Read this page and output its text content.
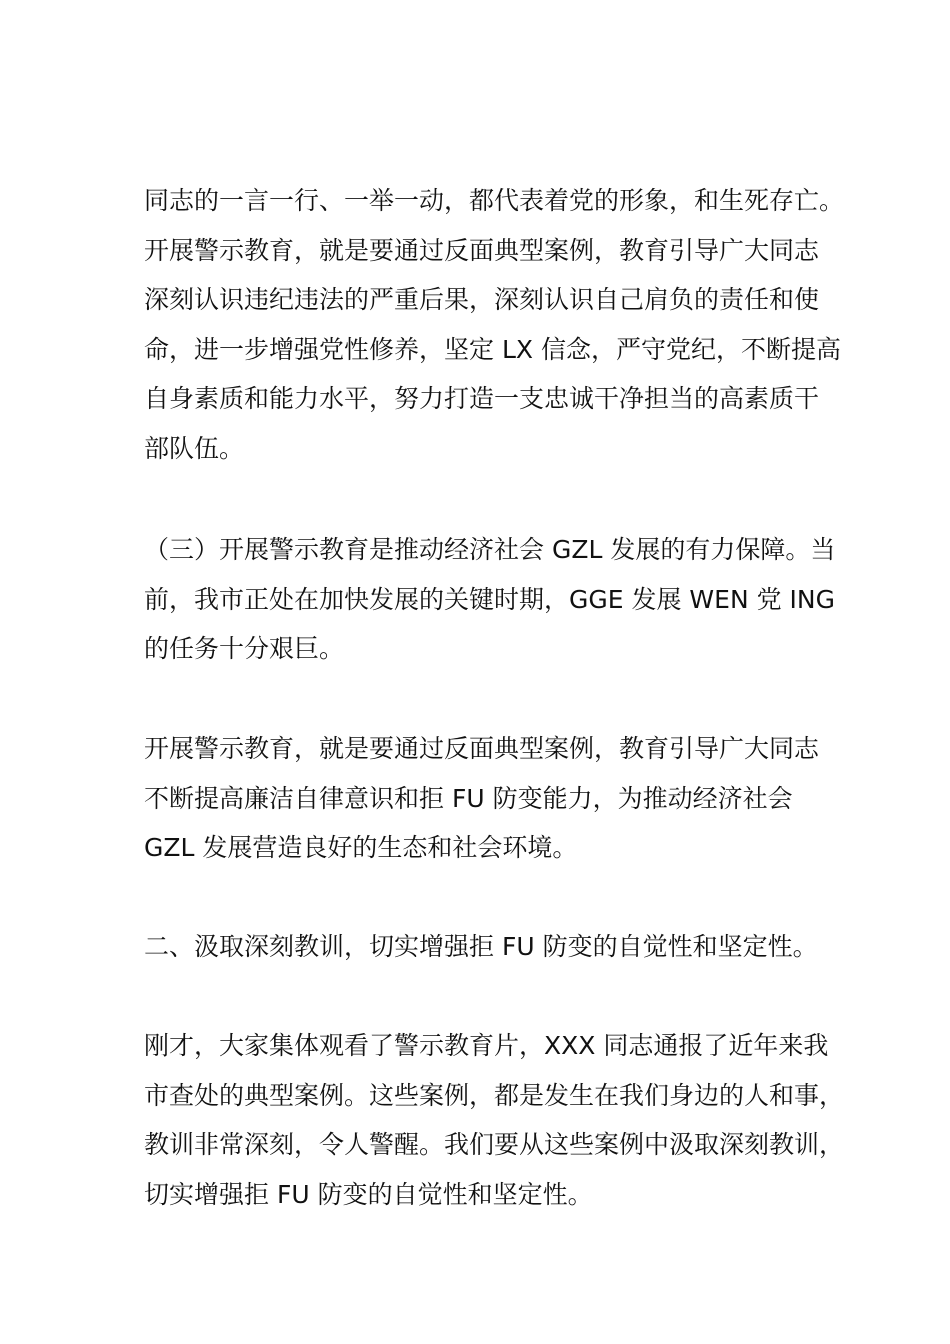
同志的一言一行、一举一动，都代表着党的形象，和生死存亡。
开展警示教育，就是要通过反面典型案例，教育引导广大同志
深刻认识违纪违法的严重后果，深刻认识自己肩负的责任和使
命，进一步增强党性修养，坚定 LX 信念，严守党纪，不断提高
自身素质和能力水平，努力打造一支忠诚干净担当的高素质干
部队伍。
（三）开展警示教育是推动经济社会 GZL 发展的有力保障。当
前，我市正处在加快发展的关键时期，GGE 发展 WEN 党 ING
的任务十分艰巨。
开展警示教育，就是要通过反面典型案例，教育引导广大同志
不断提高廉洁自律意识和拒 FU 防变能力，为推动经济社会
GZL 发展营造良好的生态和社会环境。
二、汲取深刻教训，切实增强拒 FU 防变的自觉性和坚定性。
刚才，大家集体观看了警示教育片，XXX 同志通报了近年来我
市查处的典型案例。这些案例，都是发生在我们身边的人和事，
教训非常深刻，令人警醒。我们要从这些案例中汲取深刻教训，
切实增强拒 FU 防变的自觉性和坚定性。
